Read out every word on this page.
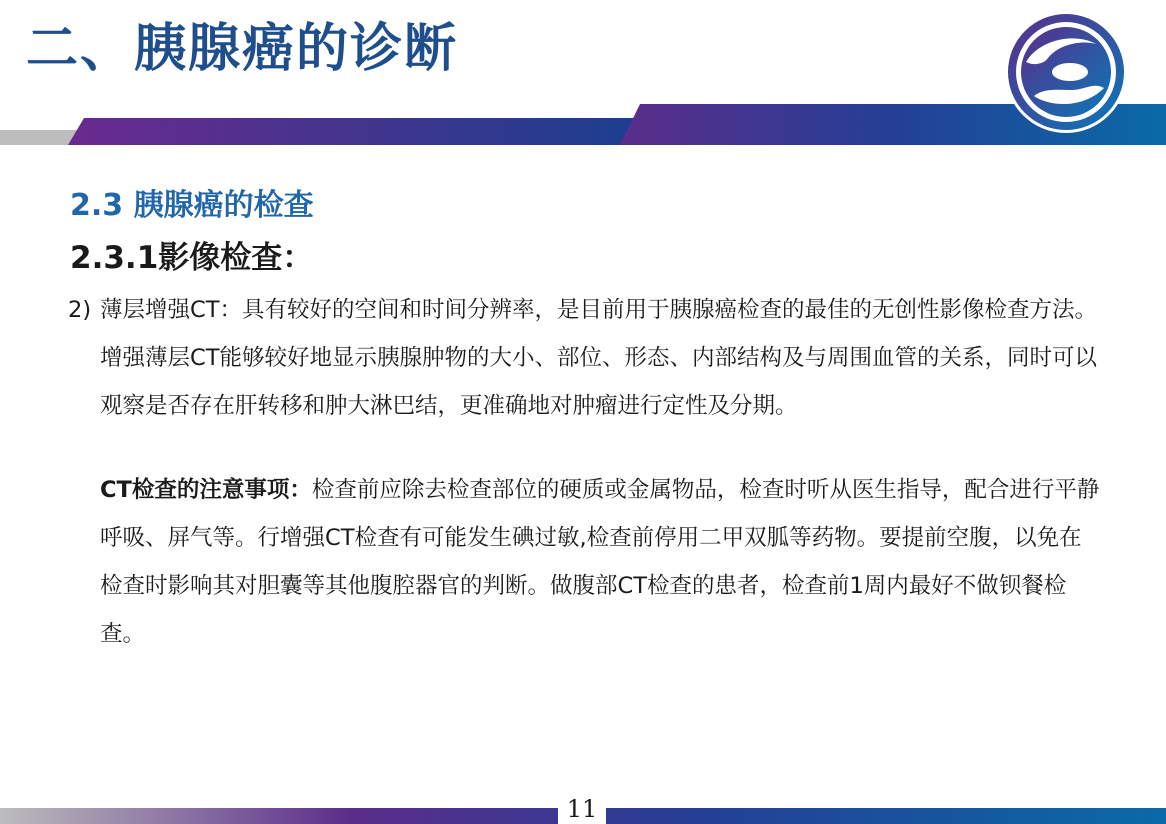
二、胰腺癌的诊断
2.3 胰腺癌的检查
2.3.1影像检查：
2) 薄层增强CT：具有较好的空间和时间分辨率，是目前用于胰腺癌检查的最佳的无创性影像检查方法。增强薄层CT能够较好地显示胰腺肿物的大小、部位、形态、内部结构及与周围血管的关系，同时可以观察是否存在肝转移和肿大淋巴结，更准确地对肿瘤进行定性及分期。

CT检查的注意事项：检查前应除去检查部位的硬质或金属物品，检查时听从医生指导，配合进行平静呼吸、屏气等。行增强CT检查有可能发生碘过敏,检查前停用二甲双胍等药物。要提前空腹，以免在检查时影响其对胆囊等其他腹腔器官的判断。做腹部CT检查的患者，检查前1周内最好不做钡餐检查。

11
